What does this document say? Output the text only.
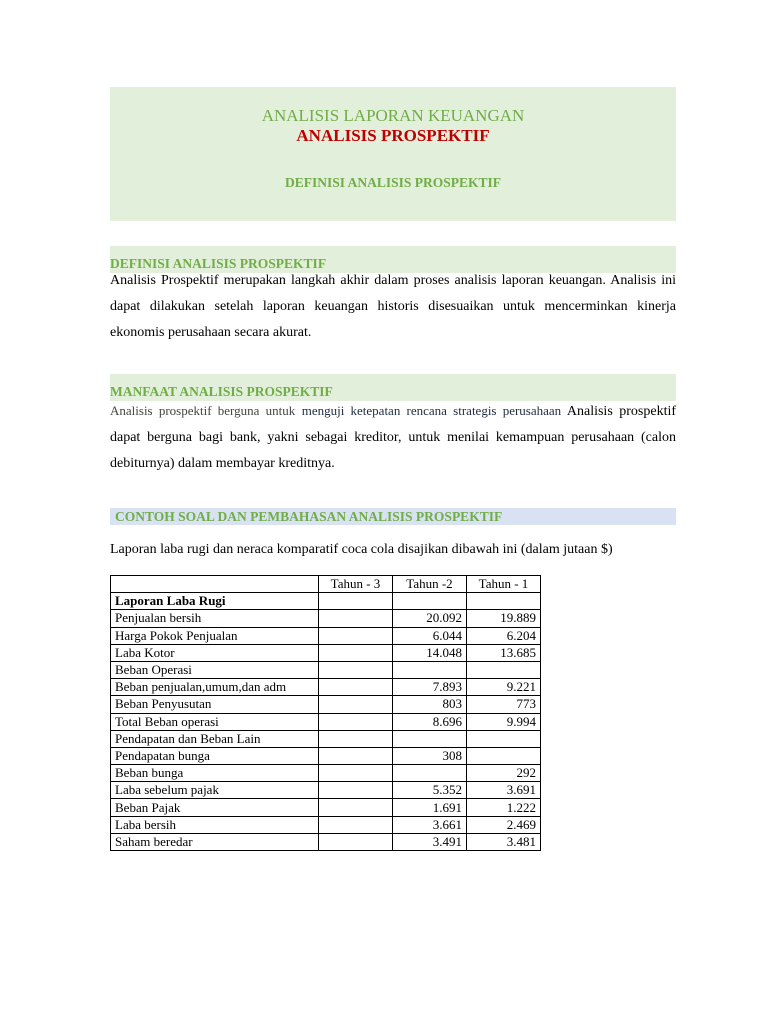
ANALISIS LAPORAN KEUANGAN
ANALISIS PROSPEKTIF
DEFINISI ANALISIS PROSPEKTIF
DEFINISI ANALISIS PROSPEKTIF
Analisis Prospektif merupakan langkah akhir dalam proses analisis laporan keuangan. Analisis ini dapat dilakukan setelah laporan keuangan historis disesuaikan untuk mencerminkan kinerja ekonomis perusahaan secara akurat.
MANFAAT ANALISIS PROSPEKTIF
Analisis prospektif berguna untuk menguji ketepatan rencana strategis perusahaan Analisis prospektif dapat berguna bagi bank, yakni sebagai kreditor, untuk menilai kemampuan perusahaan (calon debiturnya) dalam membayar kreditnya.
CONTOH SOAL DAN PEMBAHASAN ANALISIS PROSPEKTIF
Laporan laba rugi dan neraca komparatif coca cola disajikan dibawah ini (dalam jutaan $)
	Tahun - 3	Tahun -2	Tahun - 1
Laporan Laba Rugi			
Penjualan bersih		20.092	19.889
Harga Pokok Penjualan		6.044	6.204
Laba Kotor		14.048	13.685
Beban Operasi			
Beban penjualan,umum,dan adm		7.893	9.221
Beban Penyusutan		803	773
Total Beban operasi		8.696	9.994
Pendapatan dan Beban Lain			
Pendapatan bunga		308	
Beban bunga			292
Laba sebelum pajak		5.352	3.691
Beban Pajak		1.691	1.222
Laba bersih		3.661	2.469
Saham beredar		3.491	3.481
